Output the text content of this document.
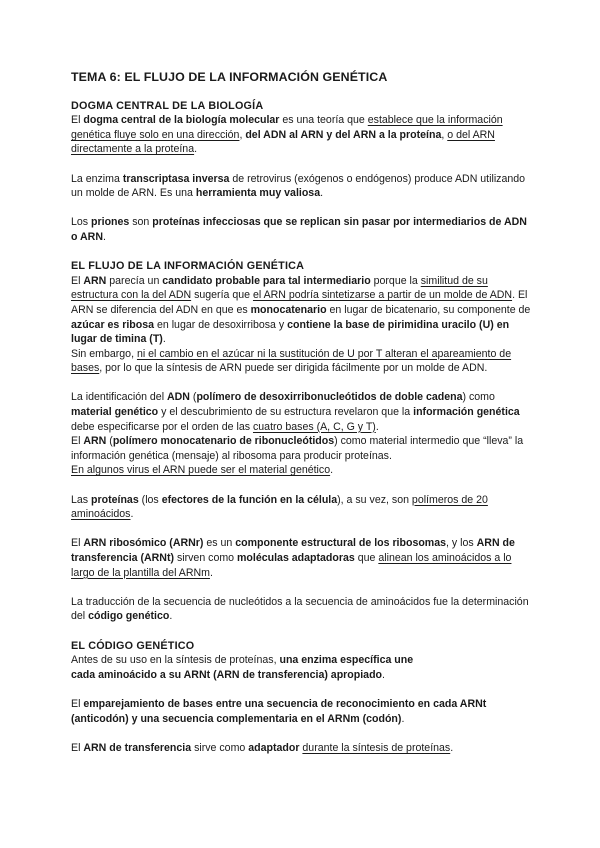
TEMA 6: EL FLUJO DE LA INFORMACIÓN GENÉTICA
DOGMA CENTRAL DE LA BIOLOGÍA

El dogma central de la biología molecular es una teoría que establece que la información genética fluye solo en una dirección, del ADN al ARN y del ARN a la proteína, o del ARN directamente a la proteína.

La enzima transcriptasa inversa de retrovirus (exógenos o endógenos) produce ADN utilizando un molde de ARN. Es una herramienta muy valiosa.

Los priones son proteínas infecciosas que se replican sin pasar por intermediarios de ADN o ARN.

EL FLUJO DE LA INFORMACIÓN GENÉTICA

El ARN parecía un candidato probable para tal intermediario porque la similitud de su estructura con la del ADN sugería que el ARN podría sintetizarse a partir de un molde de ADN. El ARN se diferencia del ADN en que es monocatenario en lugar de bicatenario, su componente de azúcar es ribosa en lugar de desoxirribosa y contiene la base de pirimidina uracilo (U) en lugar de timina (T).

Sin embargo, ni el cambio en el azúcar ni la sustitución de U por T alteran el apareamiento de bases, por lo que la síntesis de ARN puede ser dirigida fácilmente por un molde de ADN.

La identificación del ADN (polímero de desoxirribonucleótidos de doble cadena) como material genético y el descubrimiento de su estructura revelaron que la información genética debe especificarse por el orden de las cuatro bases (A, C, G y T).

El ARN (polímero monocatenario de ribonucleótidos) como material intermedio que “lleva” la información genética (mensaje) al ribosoma para producir proteínas.

En algunos virus el ARN puede ser el material genético.

Las proteínas (los efectores de la función en la célula), a su vez, son polímeros de 20 aminoácidos.

El ARN ribosómico (ARNr) es un componente estructural de los ribosomas, y los ARN de transferencia (ARNt) sirven como moléculas adaptadoras que alinean los aminoácidos a lo largo de la plantilla del ARNm.

La traducción de la secuencia de nucleótidos a la secuencia de aminoácidos fue la determinación del código genético.

EL CÓDIGO GENÉTICO

Antes de su uso en la síntesis de proteínas, una enzima específica une
cada aminoácido a su ARNt (ARN de transferencia) apropiado.

El emparejamiento de bases entre una secuencia de reconocimiento en cada ARNt (anticodón) y una secuencia complementaria en el ARNm (codón).

El ARN de transferencia sirve como adaptador durante la síntesis de proteínas.
